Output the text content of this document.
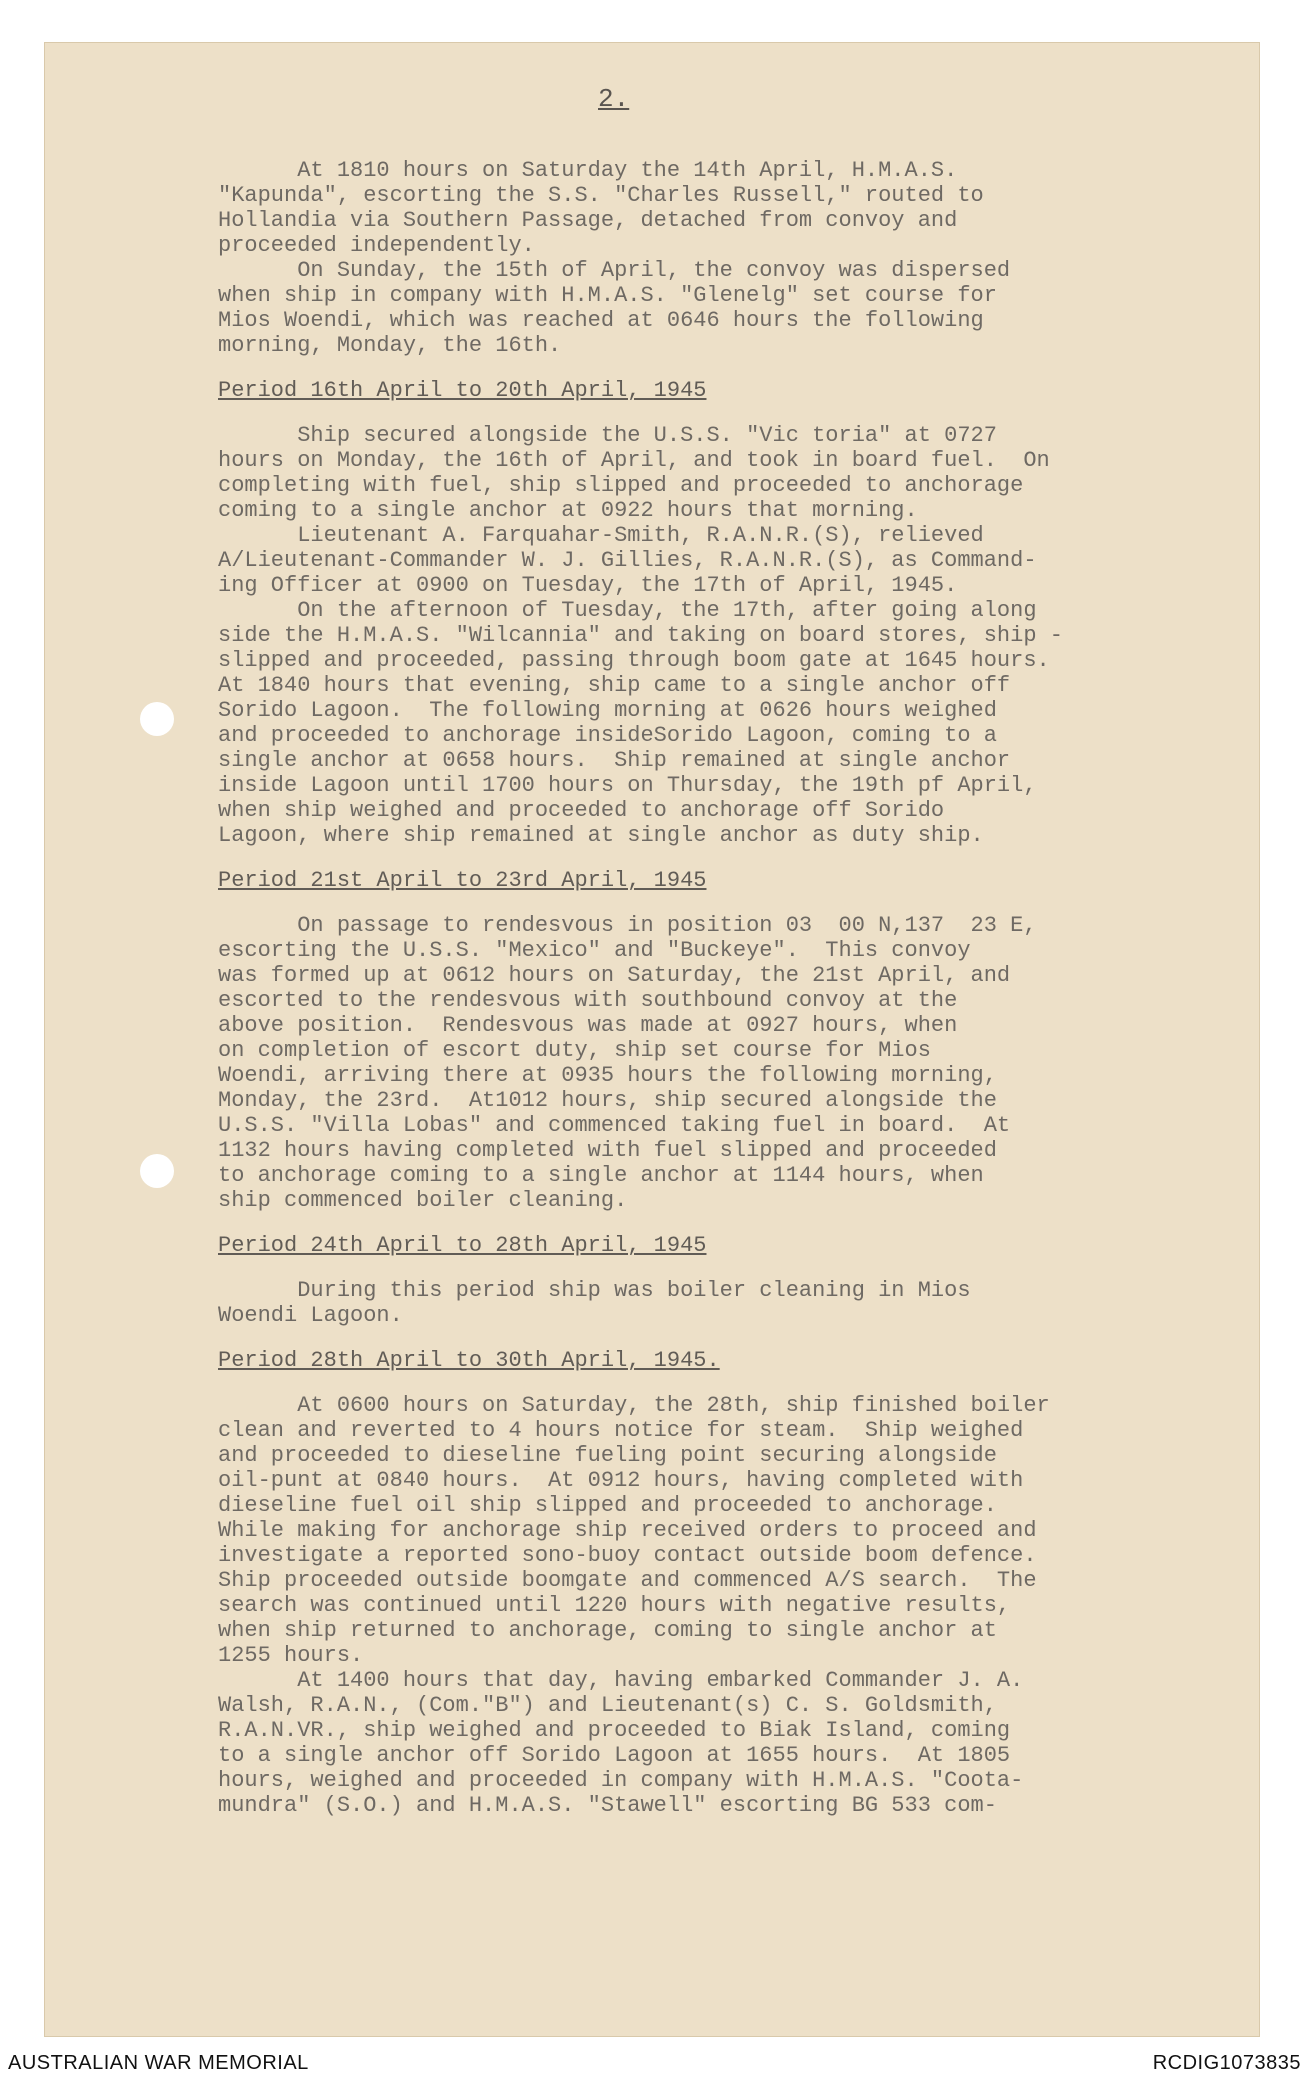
2.
At 1810 hours on Saturday the 14th April, H.M.A.S.
"Kapunda", escorting the S.S. "Charles Russell," routed to
Hollandia via Southern Passage, detached from convoy and
proceeded independently.
On Sunday, the 15th of April, the convoy was dispersed
when ship in company with H.M.A.S. "Glenelg" set course for
Mios Woendi, which was reached at 0646 hours the following
morning, Monday, the 16th.
Period 16th April to 20th April, 1945
Ship secured alongside the U.S.S. "Vic toria" at 0727
hours on Monday, the 16th of April, and took in board fuel.  On
completing with fuel, ship slipped and proceeded to anchorage
coming to a single anchor at 0922 hours that morning.
Lieutenant A. Farquahar-Smith, R.A.N.R.(S), relieved
A/Lieutenant-Commander W. J. Gillies, R.A.N.R.(S), as Command-
ing Officer at 0900 on Tuesday, the 17th of April, 1945.
On the afternoon of Tuesday, the 17th, after going along
side the H.M.A.S. "Wilcannia" and taking on board stores, ship -
slipped and proceeded, passing through boom gate at 1645 hours.
At 1840 hours that evening, ship came to a single anchor off
Sorido Lagoon.  The following morning at 0626 hours weighed
and proceeded to anchorage insideSorido Lagoon, coming to a
single anchor at 0658 hours.  Ship remained at single anchor
inside Lagoon until 1700 hours on Thursday, the 19th pf April,
when ship weighed and proceeded to anchorage off Sorido
Lagoon, where ship remained at single anchor as duty ship.
Period 21st April to 23rd April, 1945
On passage to rendesvous in position 03  00 N,137  23 E,
escorting the U.S.S. "Mexico" and "Buckeye".  This convoy
was formed up at 0612 hours on Saturday, the 21st April, and
escorted to the rendesvous with southbound convoy at the
above position.  Rendesvous was made at 0927 hours, when
on completion of escort duty, ship set course for Mios
Woendi, arriving there at 0935 hours the following morning,
Monday, the 23rd.  At1012 hours, ship secured alongside the
U.S.S. "Villa Lobas" and commenced taking fuel in board.  At
1132 hours having completed with fuel slipped and proceeded
to anchorage coming to a single anchor at 1144 hours, when
ship commenced boiler cleaning.
Period 24th April to 28th April, 1945
During this period ship was boiler cleaning in Mios
Woendi Lagoon.
Period 28th April to 30th April, 1945.
At 0600 hours on Saturday, the 28th, ship finished boiler
clean and reverted to 4 hours notice for steam.  Ship weighed
and proceeded to dieseline fueling point securing alongside
oil-punt at 0840 hours.  At 0912 hours, having completed with
dieseline fuel oil ship slipped and proceeded to anchorage.
While making for anchorage ship received orders to proceed and
investigate a reported sono-buoy contact outside boom defence.
Ship proceeded outside boomgate and commenced A/S search.  The
search was continued until 1220 hours with negative results,
when ship returned to anchorage, coming to single anchor at
1255 hours.
At 1400 hours that day, having embarked Commander J. A.
Walsh, R.A.N., (Com."B") and Lieutenant(s) C. S. Goldsmith,
R.A.N.VR., ship weighed and proceeded to Biak Island, coming
to a single anchor off Sorido Lagoon at 1655 hours.  At 1805
hours, weighed and proceeded in company with H.M.A.S. "Coota-
mundra" (S.O.) and H.M.A.S. "Stawell" escorting BG 533 com-
AUSTRALIAN WAR MEMORIAL	RCDIG1073835
